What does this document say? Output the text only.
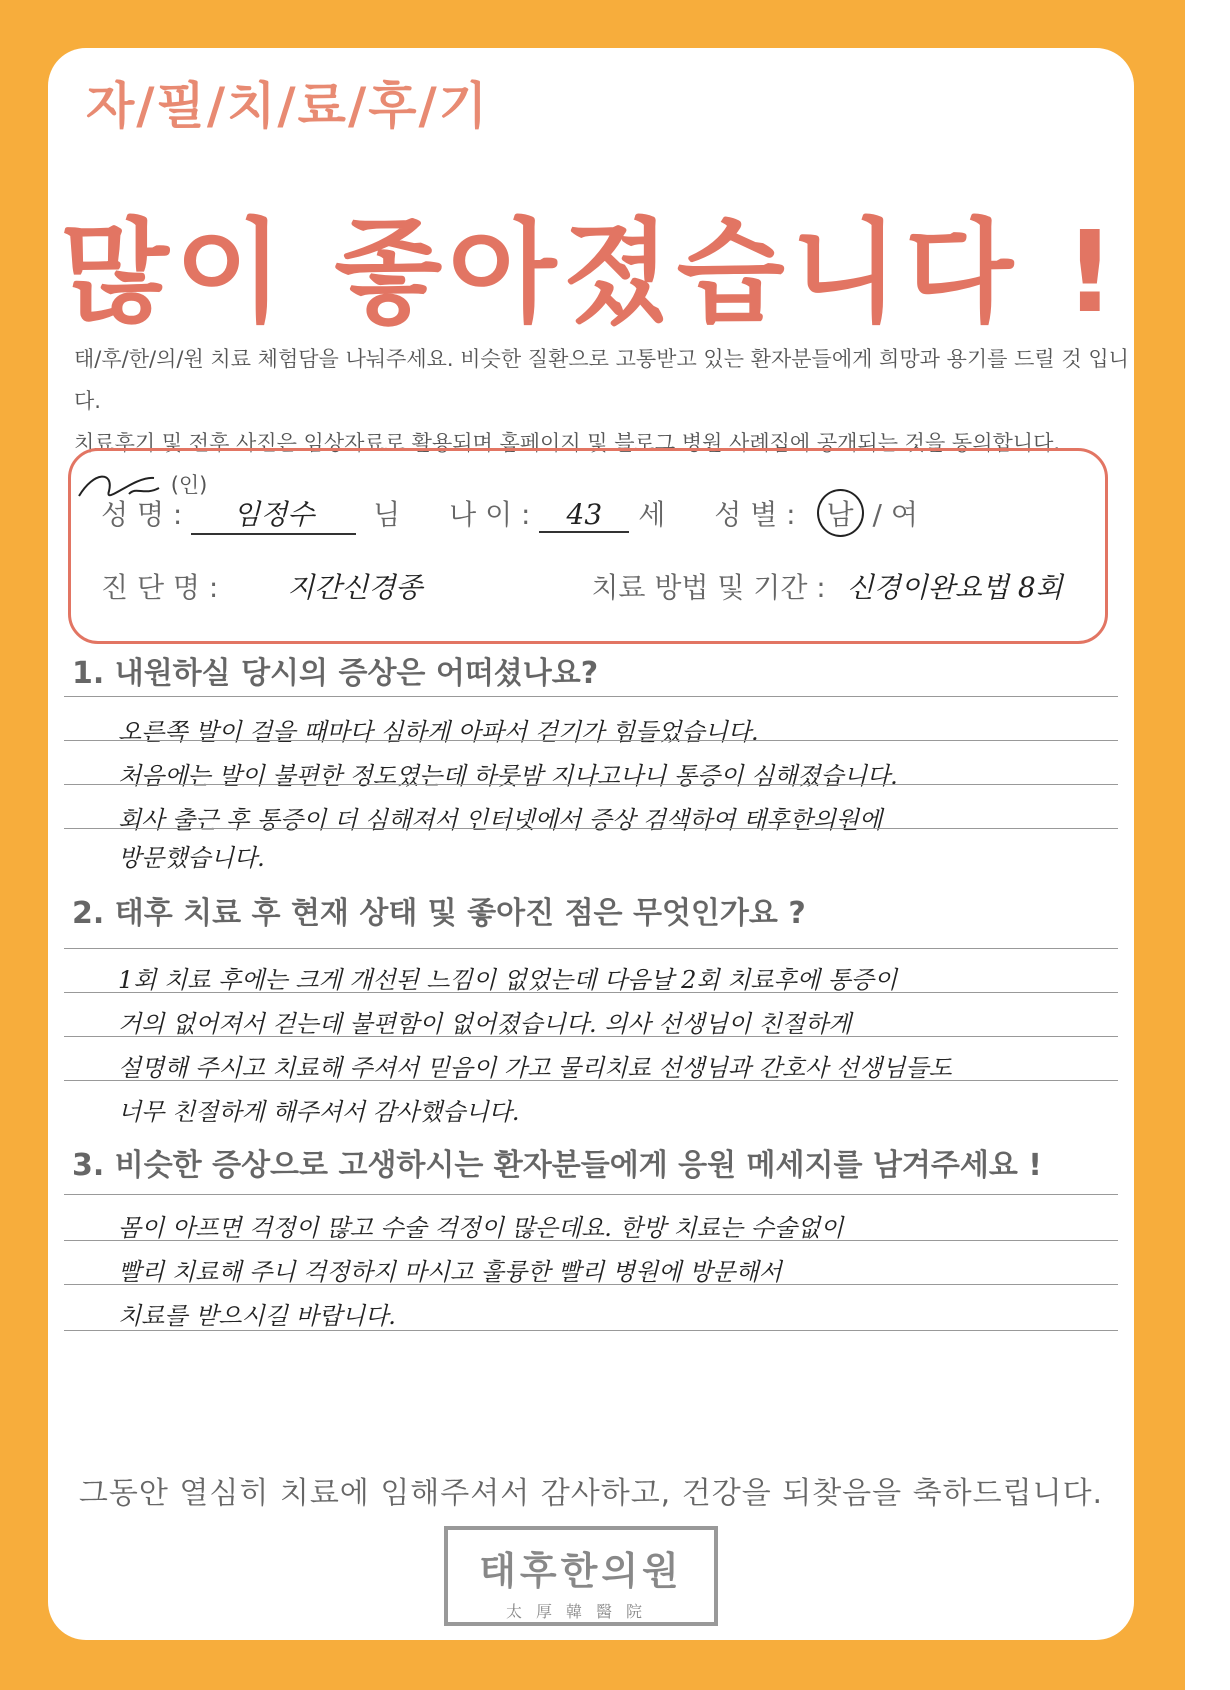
자/필/치/료/후/기
많이 좋아졌습니다 !
태/후/한/의/원 치료 체험담을 나눠주세요. 비슷한 질환으로 고통받고 있는 환자분들에게 희망과 용기를 드릴 것 입니다.
치료후기 및 전후 사진은 임상자료로 활용되며 홈페이지 및 블로그 병원 사례집에 공개되는 것을 동의합니다.  (인)
성 명 : 임정수 님 나 이 : 43 세 성 별 : 남 / 여
진 단 명 : 지간신경종	치료 방법 및 기간 : 신경이완요법 8회
1. 내원하실 당시의 증상은 어떠셨나요?
오른쪽 발이 걸을 때마다 심하게 아파서 걷기가 힘들었습니다.
처음에는 발이 불편한 정도였는데 하룻밤 지나고나니 통증이 심해졌습니다.
회사 출근 후 통증이 더 심해져서 인터넷에서 증상 검색하여 태후한의원에
방문했습니다.
2. 태후 치료 후 현재 상태 및 좋아진 점은 무엇인가요 ?
1회 치료 후에는 크게 개선된 느낌이 없었는데 다음날 2회 치료후에 통증이
거의 없어져서 걷는데 불편함이 없어졌습니다. 의사 선생님이 친절하게
설명해 주시고 치료해 주셔서 믿음이 가고 물리치료 선생님과 간호사 선생님들도
너무 친절하게 해주셔서 감사했습니다.
3. 비슷한 증상으로 고생하시는 환자분들에게 응원 메세지를 남겨주세요 !
몸이 아프면 걱정이 많고 수술 걱정이 많은데요. 한방 치료는 수술없이
빨리 치료해 주니 걱정하지 마시고 훌륭한 빨리 병원에 방문해서
치료를 받으시길 바랍니다.
그동안 열심히 치료에 임해주셔서 감사하고, 건강을 되찾음을 축하드립니다.
태후한의원
太厚韓醫院
